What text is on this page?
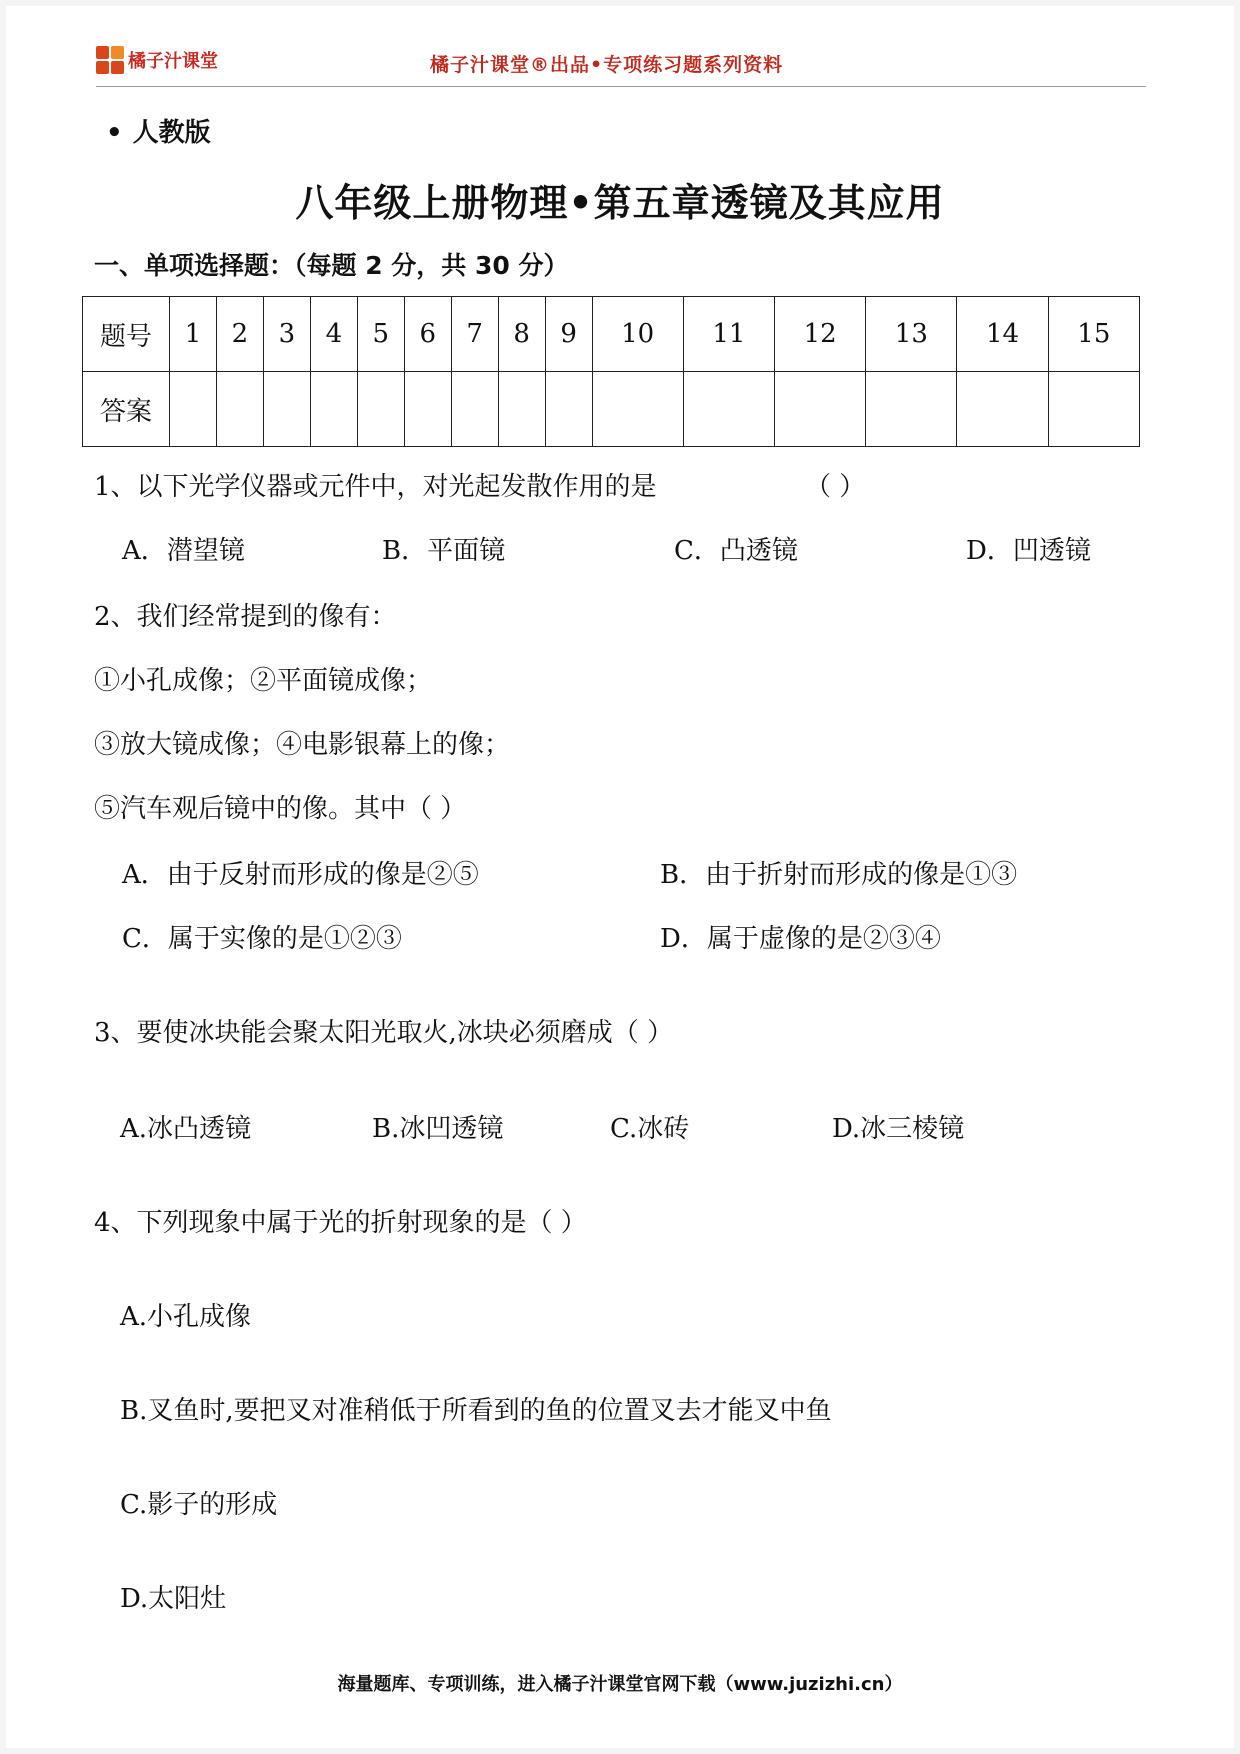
橘子汁课堂	橘子汁课堂®出品•专项练习题系列资料
• 人教版
八年级上册物理•第五章透镜及其应用
一、单项选择题：（每题 2 分，共 30 分）
题号	1	2	3	4	5	6	7	8	9	10	11	12	13	14	15
答案															
1、以下光学仪器或元件中，对光起发散作用的是	（ ）
A．潜望镜	B．平面镜	C．凸透镜	D．凹透镜
2、我们经常提到的像有：
①小孔成像；②平面镜成像；
③放大镜成像；④电影银幕上的像；
⑤汽车观后镜中的像。其中（ ）
A．由于反射而形成的像是②⑤	B．由于折射而形成的像是①③
C．属于实像的是①②③	D．属于虚像的是②③④
3、要使冰块能会聚太阳光取火,冰块必须磨成（ ）
A.冰凸透镜	B.冰凹透镜	C.冰砖	D.冰三棱镜
4、下列现象中属于光的折射现象的是（ ）
A.小孔成像
B.叉鱼时,要把叉对准稍低于所看到的鱼的位置叉去才能叉中鱼
C.影子的形成
D.太阳灶
海量题库、专项训练，进入橘子汁课堂官网下载（www.juzizhi.cn）
